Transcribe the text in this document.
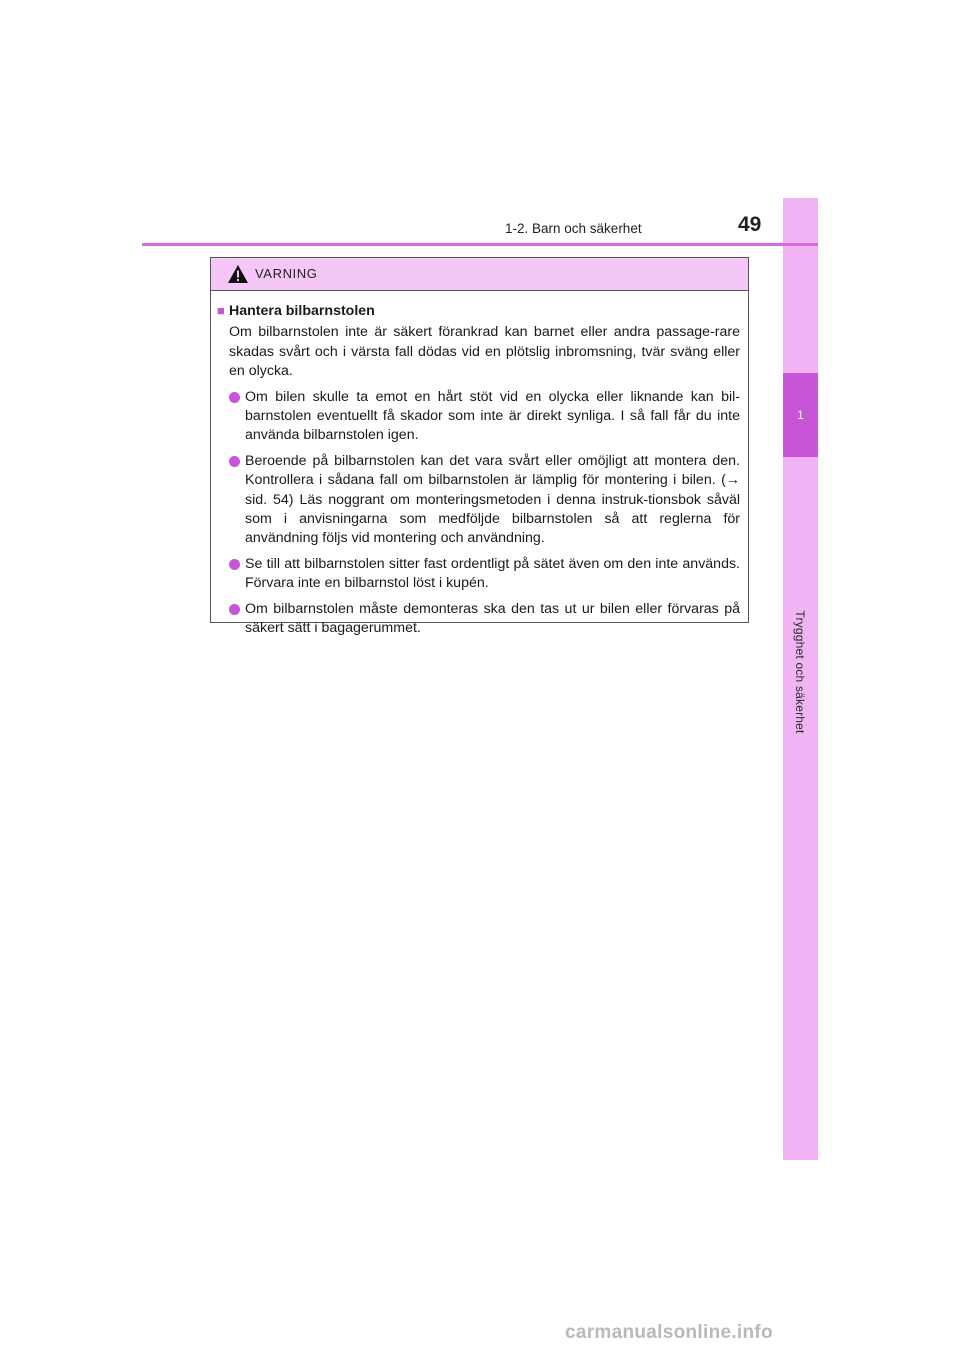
1
Trygghet och säkerhet
1-2. Barn och säkerhet	49
VARNING
■ Hantera bilbarnstolen
Om bilbarnstolen inte är säkert förankrad kan barnet eller andra passage-rare skadas svårt och i värsta fall dödas vid en plötslig inbromsning, tvär sväng eller en olycka.
Om bilen skulle ta emot en hårt stöt vid en olycka eller liknande kan bil-barnstolen eventuellt få skador som inte är direkt synliga. I så fall får du inte använda bilbarnstolen igen.
Beroende på bilbarnstolen kan det vara svårt eller omöjligt att montera den. Kontrollera i sådana fall om bilbarnstolen är lämplig för montering i bilen. (→ sid. 54) Läs noggrant om monteringsmetoden i denna instruk-tionsbok såväl som i anvisningarna som medföljde bilbarnstolen så att reglerna för användning följs vid montering och användning.
Se till att bilbarnstolen sitter fast ordentligt på sätet även om den inte används. Förvara inte en bilbarnstol löst i kupén.
Om bilbarnstolen måste demonteras ska den tas ut ur bilen eller förvaras på säkert sätt i bagagerummet.
carmanualsonline.info
